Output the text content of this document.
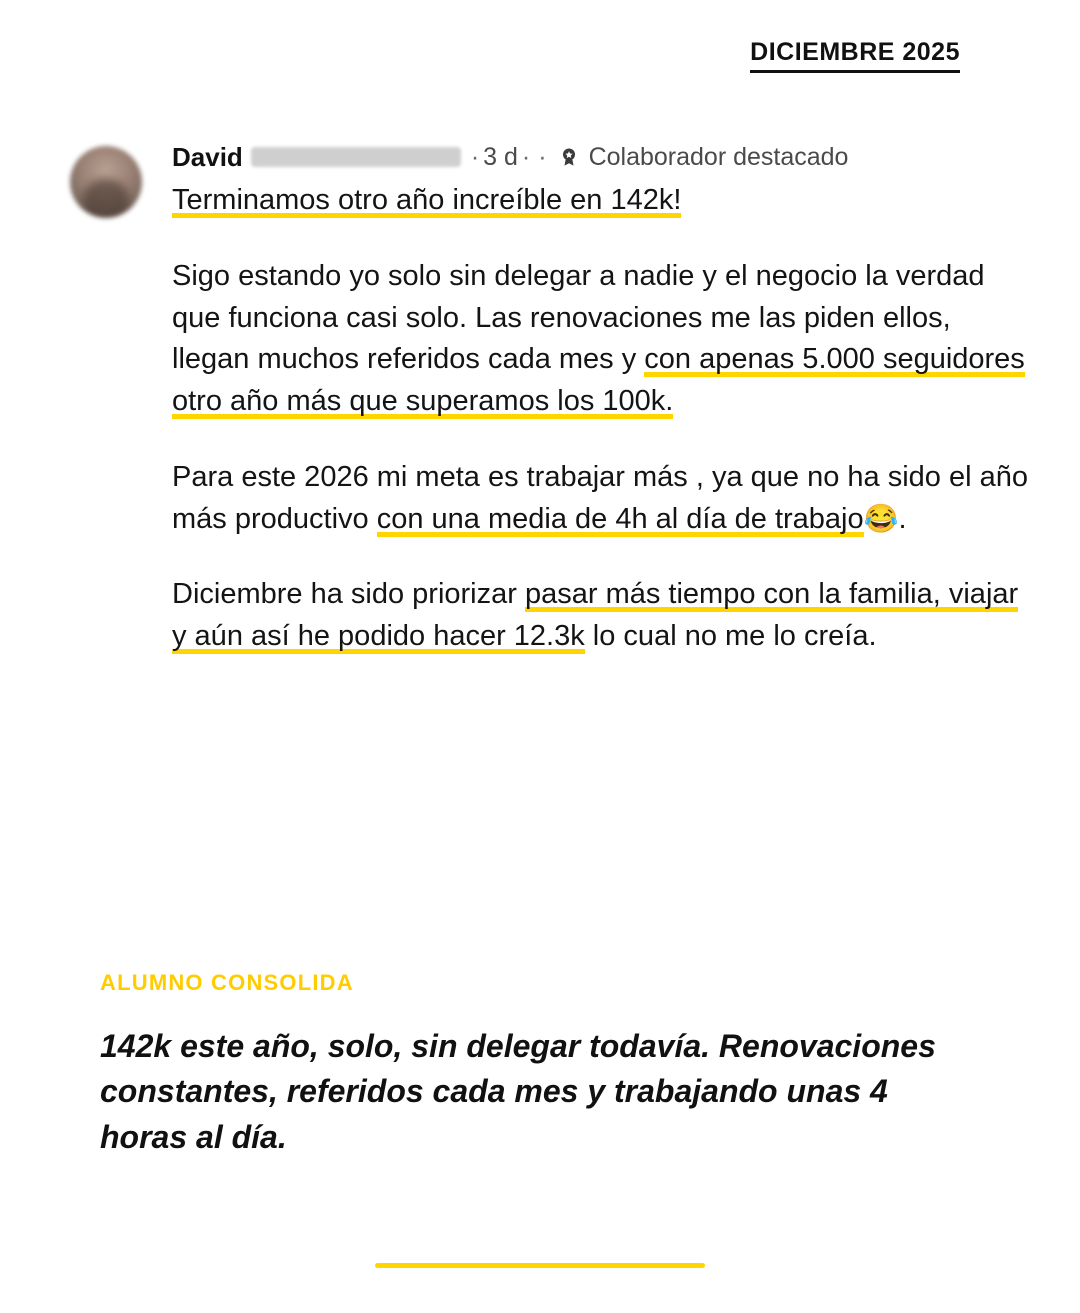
DICIEMBRE 2025
David	· 3 d · · Colaborador destacado

Terminamos otro año increíble en 142k!

Sigo estando yo solo sin delegar a nadie y el negocio la verdad que funciona casi solo. Las renovaciones me las piden ellos, llegan muchos referidos cada mes y con apenas 5.000 seguidores otro año más que superamos los 100k.

Para este 2026 mi meta es trabajar más , ya que no ha sido el año más productivo con una media de 4h al día de trabajo😂.

Diciembre ha sido priorizar pasar más tiempo con la familia, viajar y aún así he podido hacer 12.3k lo cual no me lo creía.

ALUMNO CONSOLIDA
142k este año, solo, sin delegar todavía. Renovaciones constantes, referidos cada mes y trabajando unas 4 horas al día.
